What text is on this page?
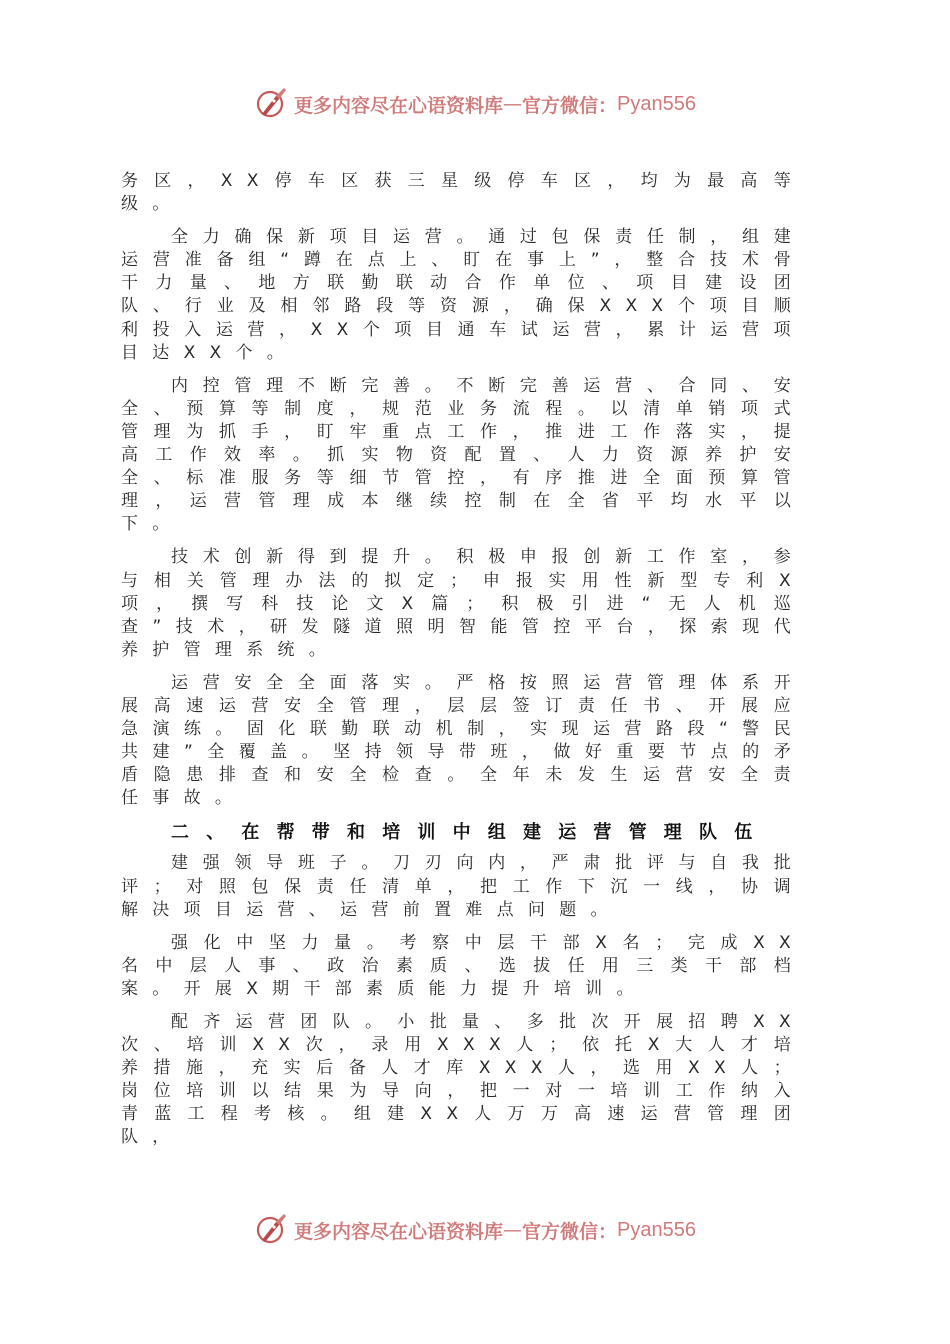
更多内容尽在心语资料库 — 官方微信： Pyan556

务区，XX停车区获三星级停车区，均为最高等级。

全力确保新项目运营。通过包保责任制，组建运营准备组“蹲在点上、盯在事上”，整合技术骨干力量、地方联勤联动合作单位、项目建设团队、行业及相邻路段等资源，确保XXX个项目顺利投入运营，XX个项目通车试运营，累计运营项目达XX个。

内控管理不断完善。不断完善运营、合同、安全、预算等制度，规范业务流程。以清单销项式管理为抓手，盯牢重点工作，推进工作落实，提高工作效率。抓实物资配置、人力资源养护安全、标准服务等细节管控，有序推进全面预算管理，运营管理成本继续控制在全省平均水平以下。

技术创新得到提升。积极申报创新工作室，参与相关管理办法的拟定；申报实用性新型专利X项，撰写科技论文X篇；积极引进“无人机巡查”技术，研发隧道照明智能管控平台，探索现代养护管理系统。

运营安全全面落实。严格按照运营管理体系开展高速运营安全管理，层层签订责任书、开展应急演练。固化联勤联动机制，实现运营路段“警民共建”全覆盖。坚持领导带班，做好重要节点的矛盾隐患排查和安全检查。全年未发生运营安全责任事故。

二、在帮带和培训中组建运营管理队伍

建强领导班子。刀刃向内，严肃批评与自我批评；对照包保责任清单，把工作下沉一线，协调解决项目运营、运营前置难点问题。

强化中坚力量。考察中层干部X名；完成XX名中层人事、政治素质、选拔任用三类干部档案。开展X期干部素质能力提升培训。

配齐运营团队。小批量、多批次开展招聘XX次、培训XX次，录用XXX人；依托X大人才培养措施，充实后备人才库XXX人，选用XX人；岗位培训以结果为导向，把一对一培训工作纳入青蓝工程考核。组建XX人万万高速运营管理团队，

更多内容尽在心语资料库 — 官方微信： Pyan556
